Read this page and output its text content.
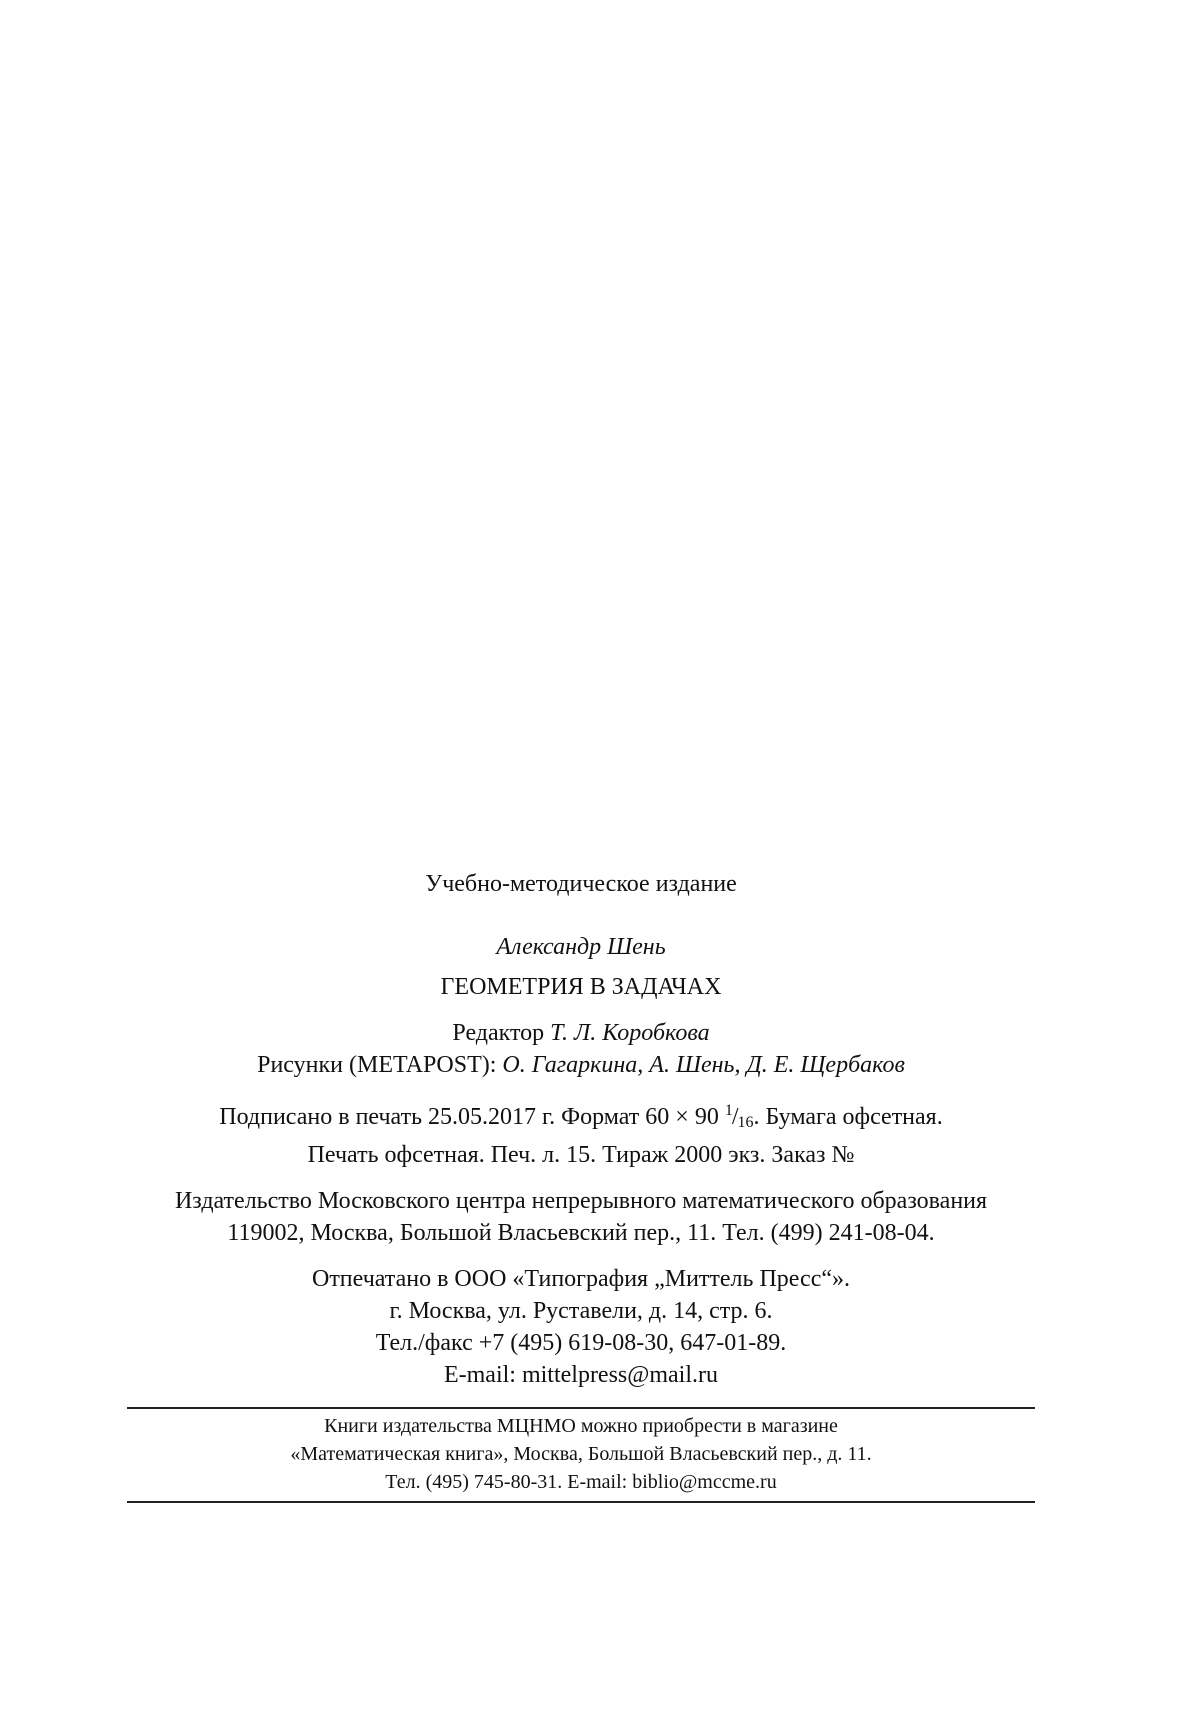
Учебно-методическое издание
Александр Шень
ГЕОМЕТРИЯ В ЗАДАЧАХ
Редактор Т. Л. Коробкова
Рисунки (METAPOST): О. Гагаркина, А. Шень, Д. Е. Щербаков
Подписано в печать 25.05.2017 г. Формат 60 × 90 $^1$/16. Бумага офсетная.
Печать офсетная. Печ. л. 15. Тираж 2000 экз. Заказ №
Издательство Московского центра непрерывного математического образования
119002, Москва, Большой Власьевский пер., 11. Тел. (499) 241-08-04.
Отпечатано в ООО «Типография „Миттель Пресс“».
г. Москва, ул. Руставели, д. 14, стр. 6.
Тел./факс +7 (495) 619-08-30, 647-01-89.
E-mail: mittelpress@mail.ru
Книги издательства МЦНМО можно приобрести в магазине
«Математическая книга», Москва, Большой Власьевский пер., д. 11.
Тел. (495) 745-80-31. E-mail: biblio@mccme.ru
